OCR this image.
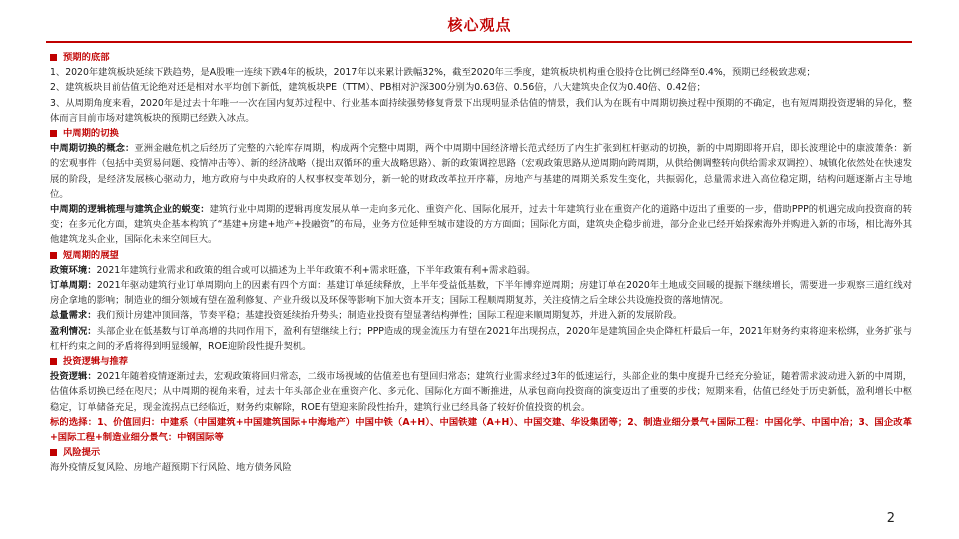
核心观点
预期的底部
1、2020年建筑板块延续下跌趋势，是A股唯一连续下跌4年的板块，2017年以来累计跌幅32%，截至2020年三季度，建筑板块机构重仓股持仓比例已经降至0.4%，预期已经极致悲观；
2、建筑板块目前估值无论绝对还是相对水平均创下新低，建筑板块PE（TTM）、PB相对沪深300分别为0.63倍、0.56倍，八大建筑央企仅为0.40倍、0.42倍；
3、从周期角度来看，2020年是过去十年唯一一次在国内复苏过程中、行业基本面持续强势修复背景下出现明显杀估值的情景，我们认为在既有中周期切换过程中预期的不确定，也有短周期投资逻辑的异化，整体而言目前市场对建筑板块的预期已经跌入冰点。
中周期的切换
中周期切换的概念：亚洲金融危机之后经历了完整的六轮库存周期，构成两个完整中周期，两个中周期中国经济增长范式经历了内生扩张到杠杆驱动的切换，新的中周期即将开启，即长波理论中的康波萧条：新的宏观事件（包括中美贸易问题、疫情冲击等）、新的经济战略（提出双循环的重大战略思路）、新的政策调控思路（宏观政策思路从逆周期向跨周期，从供给侧调整转向供给需求双调控）、城镇化依然处在快速发展的阶段，是经济发展核心驱动力，地方政府与中央政府的人权事权变革划分，新一轮的财政改革拉开序幕，房地产与基建的周期关系发生变化，共振弱化，总量需求进入高位稳定期，结构问题逐渐占主导地位。
中周期的逻辑梳理与建筑企业的蜕变：建筑行业中周期的逻辑再度发展从单一走向多元化、重资产化、国际化展开，过去十年建筑行业在重资产化的道路中迈出了重要的一步，借助PPP的机遇完成向投资商的转变；在多元化方面，建筑央企基本构筑了“基建+房建+地产+投融资”的布局，业务方位延伸至城市建设的方方面面；国际化方面，建筑央企稳步前进，部分企业已经开始探索海外并购进入新的市场，相比海外其他建筑龙头企业，国际化未来空间巨大。
短周期的展望
政策环境：2021年建筑行业需求和政策的组合或可以描述为上半年政策不利+需求旺盛，下半年政策有利+需求趋弱。
订单周期：2021年驱动建筑行业订单周期向上的因素有四个方面：基建订单延续释放，上半年受益低基数，下半年博弈逆周期；房建订单在2020年土地成交回暖的提振下继续增长，需要进一步观察三道红线对房企拿地的影响；制造业的细分领域有望在盈利修复、产业升级以及环保等影响下加大资本开支；国际工程顺周期复苏，关注疫情之后全球公共设施投资的落地情况。
总量需求：我们预计房建冲顶回落，节奏平稳；基建投资延续抬升势头；制造业投资有望显著结构弹性；国际工程迎来顺周期复苏，并进入新的发展阶段。
盈利情况：头部企业在低基数与订单高增的共同作用下，盈利有望继续上行；PPP造成的现金流压力有望在2021年出现拐点，2020年是建筑国企央企降杠杆最后一年，2021年财务约束将迎来松绑，业务扩张与杠杆约束之间的矛盾将得到明显缓解，ROE迎阶段性提升契机。
投资逻辑与推荐
投资逻辑：2021年随着疫情逐渐过去，宏观政策将回归常态，二级市场视域的估值差也有望回归常态；建筑行业需求经过3年的低速运行，头部企业的集中度提升已经充分验证，随着需求波动进入新的中周期，估值体系切换已经在咫尺；从中周期的视角来看，过去十年头部企业在重资产化、多元化、国际化方面不断推进，从承包商向投资商的演变迈出了重要的步伐；短期来看，估值已经处于历史新低，盈利增长中枢稳定，订单储备充足，现金流拐点已经临近，财务约束解除，ROE有望迎来阶段性抬升，建筑行业已经具备了较好价值投资的机会。
标的选择：1、价值回归：中建系（中国建筑+中国建筑国际+中海地产）中国中铁（A+H）、中国铁建（A+H）、中国交建、华设集团等；2、制造业细分景气+国际工程：中国化学、中国中冶；3、国企改革+国际工程+制造业细分景气：中钢国际等
风险提示
海外疫情反复风险、房地产超预期下行风险、地方债务风险
2
